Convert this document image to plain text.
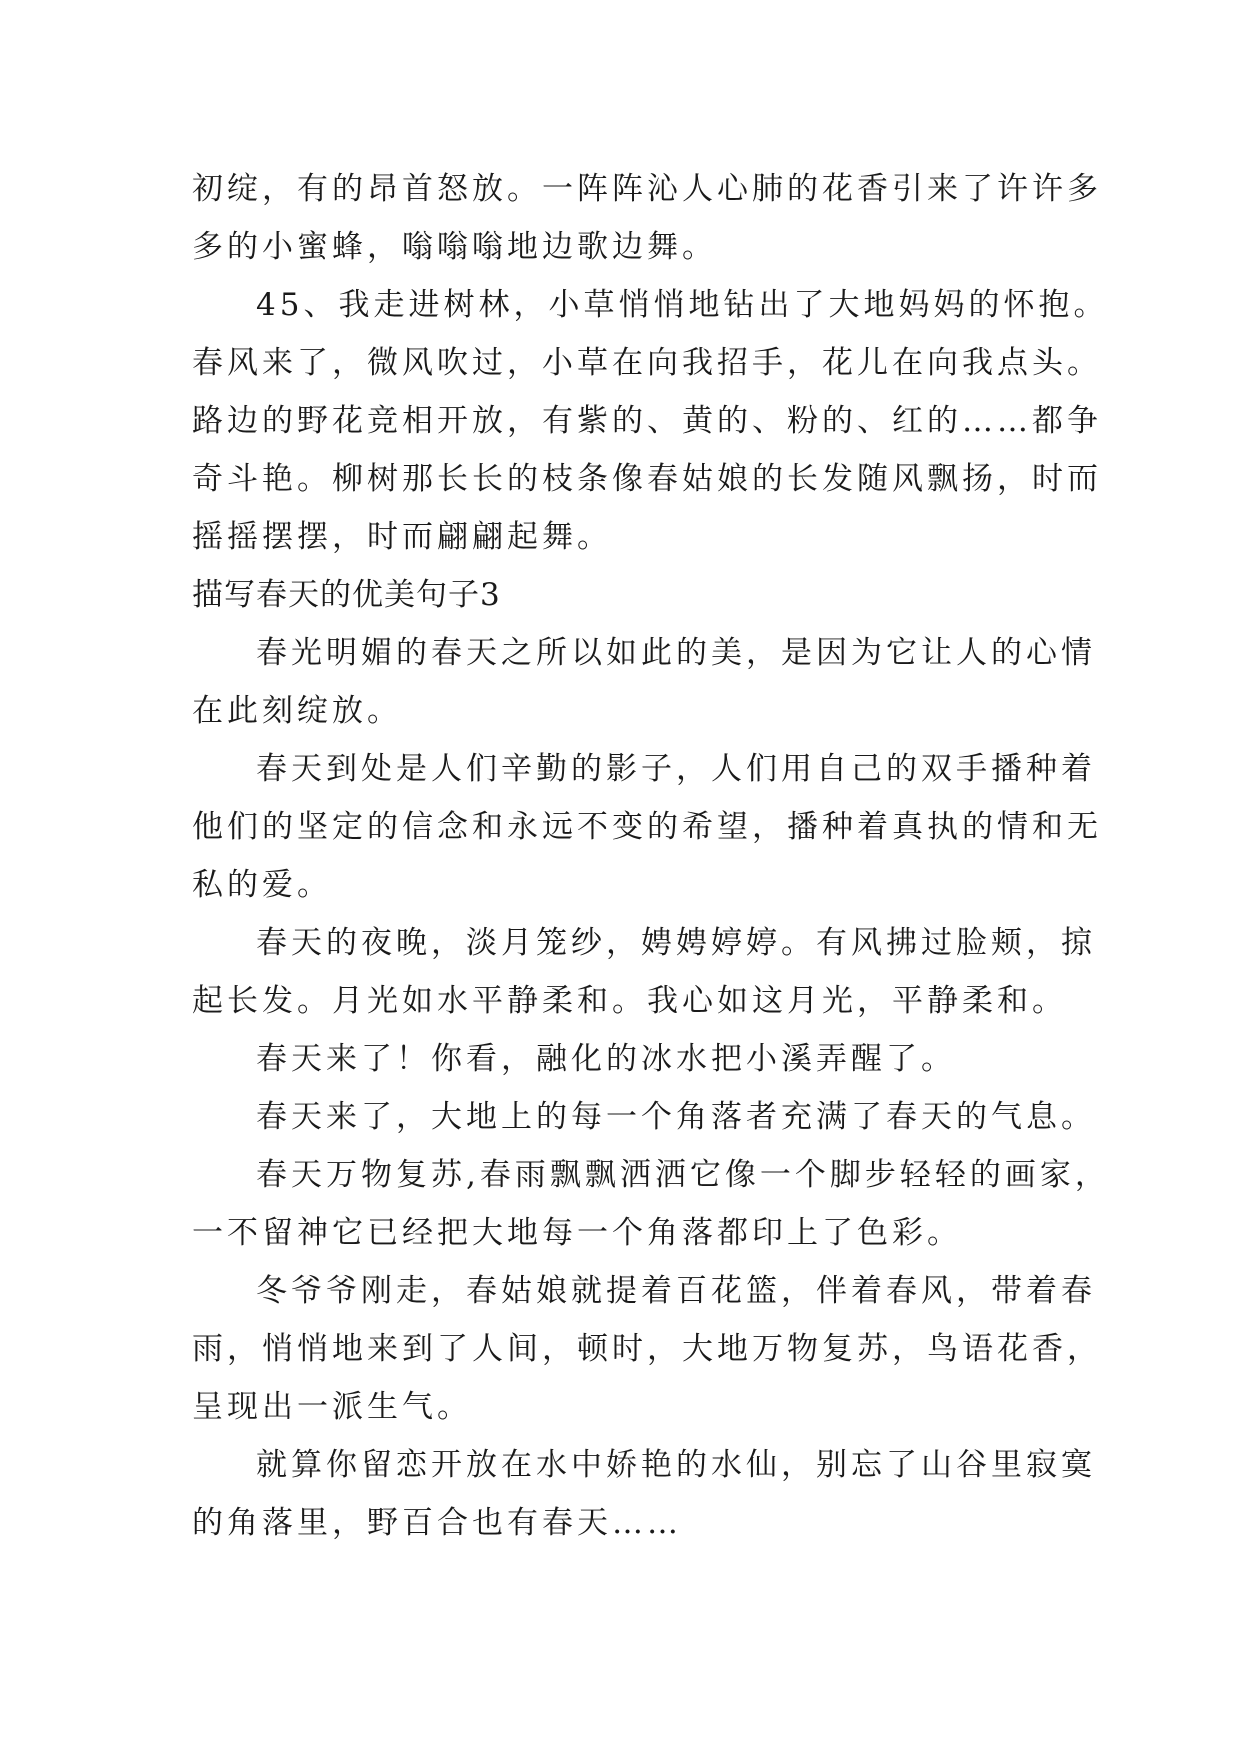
初绽，有的昂首怒放。一阵阵沁人心肺的花香引来了许许多
多的小蜜蜂，嗡嗡嗡地边歌边舞。

45、我走进树林，小草悄悄地钻出了大地妈妈的怀抱。
春风来了，微风吹过，小草在向我招手，花儿在向我点头。
路边的野花竞相开放，有紫的、黄的、粉的、红的……都争
奇斗艳。柳树那长长的枝条像春姑娘的长发随风飘扬，时而
摇摇摆摆，时而翩翩起舞。

描写春天的优美句子3

春光明媚的春天之所以如此的美，是因为它让人的心情
在此刻绽放。

春天到处是人们辛勤的影子，人们用自己的双手播种着
他们的坚定的信念和永远不变的希望，播种着真执的情和无
私的爱。

春天的夜晚，淡月笼纱，娉娉婷婷。有风拂过脸颊，掠
起长发。月光如水平静柔和。我心如这月光，平静柔和。

春天来了！你看，融化的冰水把小溪弄醒了。

春天来了，大地上的每一个角落者充满了春天的气息。

春天万物复苏,春雨飘飘洒洒它像一个脚步轻轻的画家，
一不留神它已经把大地每一个角落都印上了色彩。

冬爷爷刚走，春姑娘就提着百花篮，伴着春风，带着春
雨，悄悄地来到了人间，顿时，大地万物复苏，鸟语花香，
呈现出一派生气。

就算你留恋开放在水中娇艳的水仙，别忘了山谷里寂寞
的角落里，野百合也有春天……
